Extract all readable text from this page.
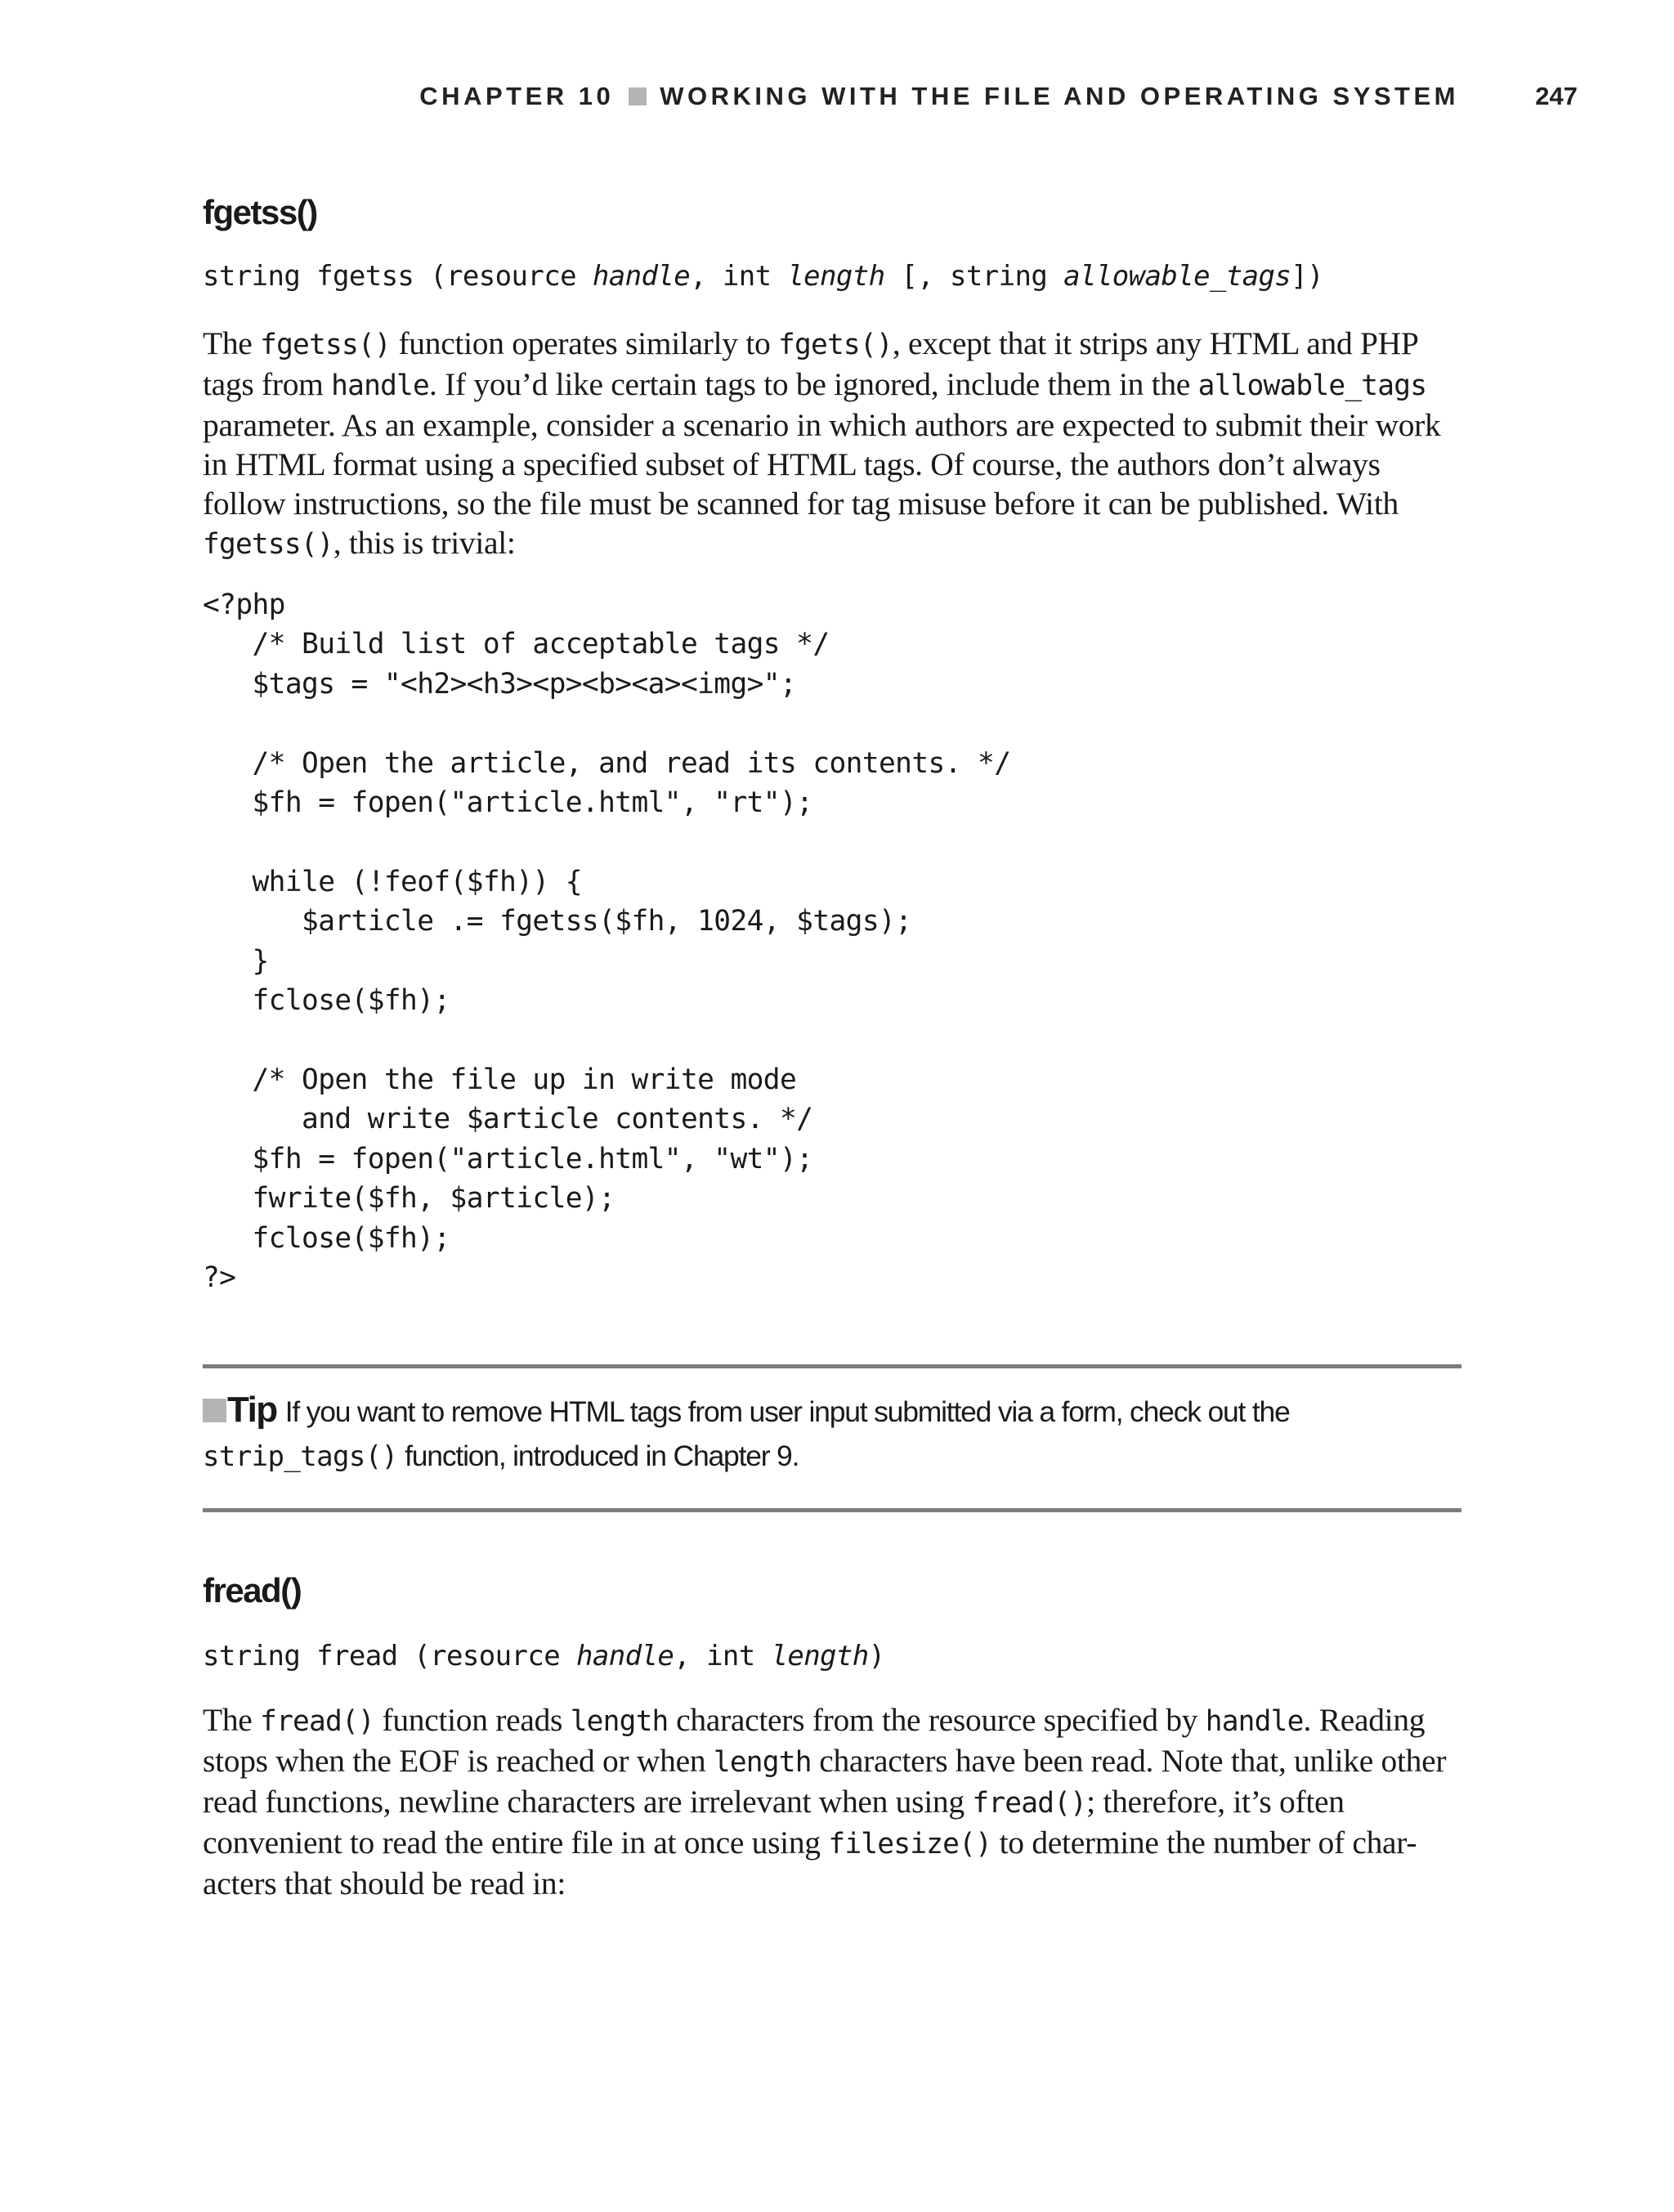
CHAPTER 10 WORKING WITH THE FILE AND OPERATING SYSTEM	247
fgetss()
string fgetss (resource handle, int length [, string allowable_tags])

The fgetss() function operates similarly to fgets(), except that it strips any HTML and PHP tags from handle. If you’d like certain tags to be ignored, include them in the allowable_tags parameter. As an example, consider a scenario in which authors are expected to submit their work in HTML format using a specified subset of HTML tags. Of course, the authors don’t always follow instructions, so the file must be scanned for tag misuse before it can be published. With fgetss(), this is trivial:

<?php
/* Build list of acceptable tags */
$tags = "<h2><h3><p><b><a><img>";

/* Open the article, and read its contents. */
$fh = fopen("article.html", "rt");

while (!feof($fh)) {
$article .= fgetss($fh, 1024, $tags);
}
fclose($fh);

/* Open the file up in write mode
and write $article contents. */
$fh = fopen("article.html", "wt");
fwrite($fh, $article);
fclose($fh);
?>
Tip If you want to remove HTML tags from user input submitted via a form, check out the strip_tags() function, introduced in Chapter 9.
fread()
string fread (resource handle, int length)

The fread() function reads length characters from the resource specified by handle. Reading stops when the EOF is reached or when length characters have been read. Note that, unlike other read functions, newline characters are irrelevant when using fread(); therefore, it’s often convenient to read the entire file in at once using filesize() to determine the number of char-acters that should be read in:
